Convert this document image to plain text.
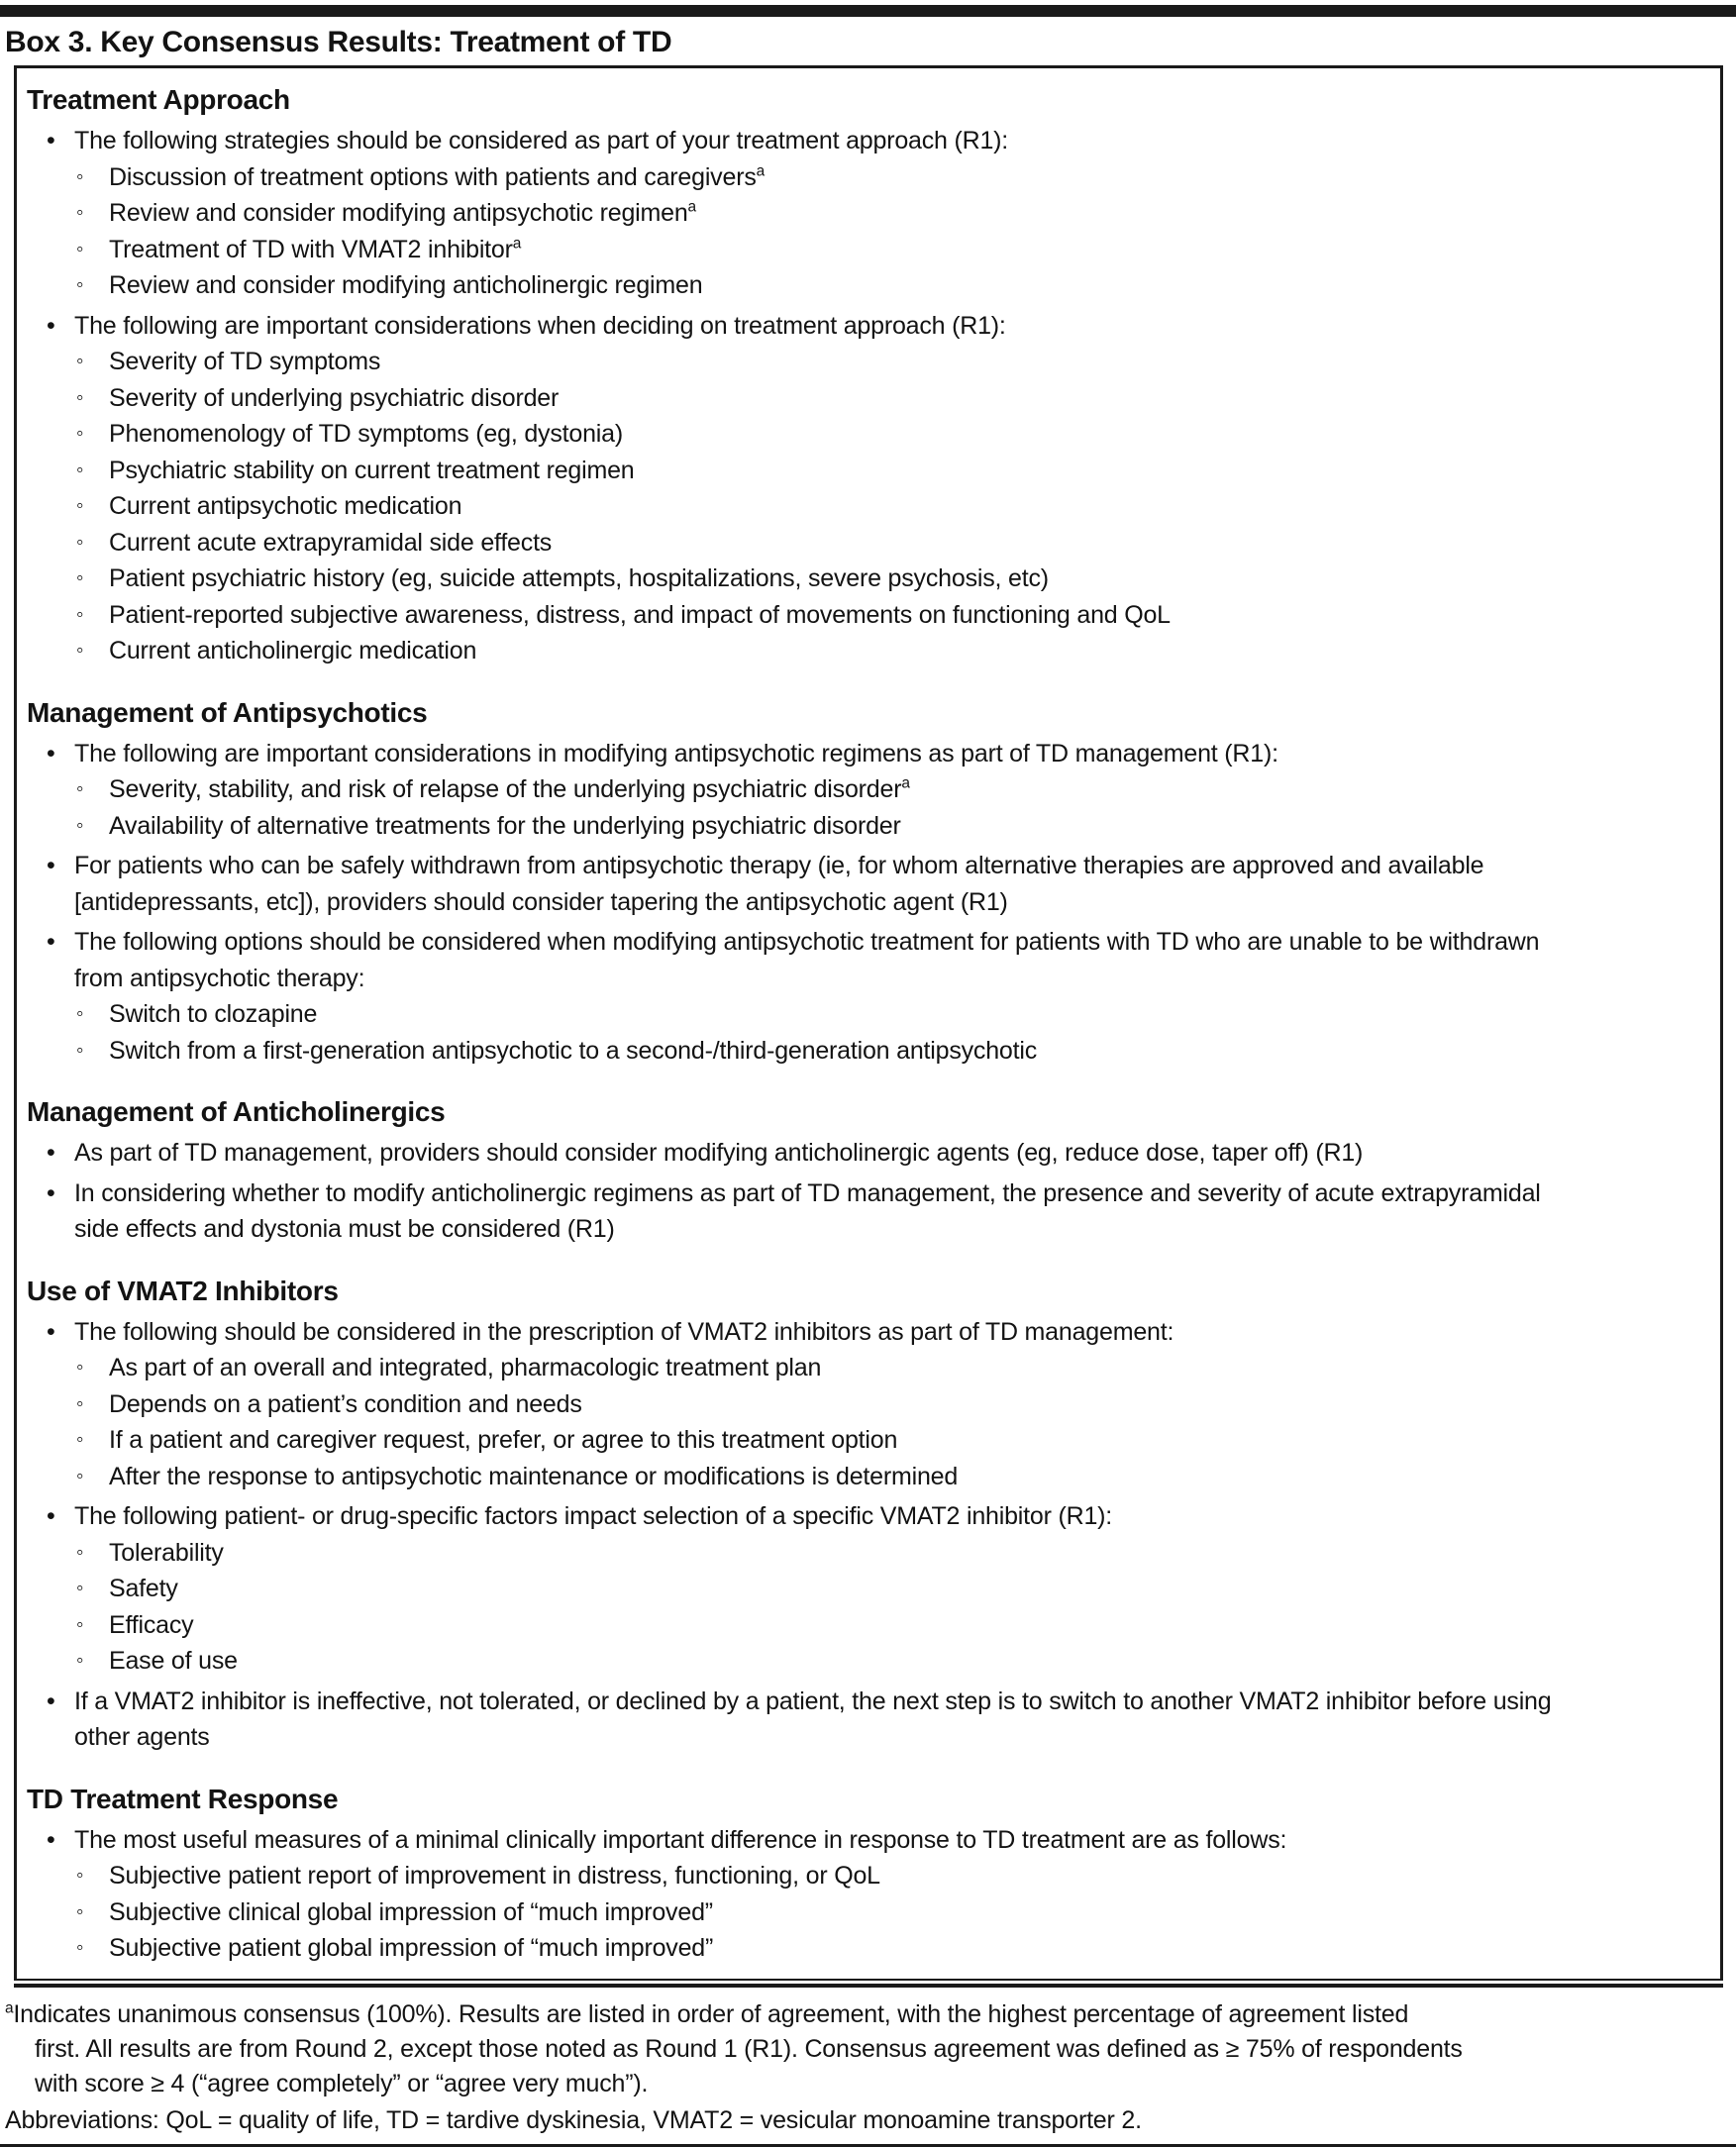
Box 3. Key Consensus Results: Treatment of TD
Treatment Approach
• The following strategies should be considered as part of your treatment approach (R1):
◦	Discussion of treatment options with patients and caregivers$^a$
◦	Review and consider modifying antipsychotic regimen$^a$
◦	Treatment of TD with VMAT2 inhibitor$^a$
◦	Review and consider modifying anticholinergic regimen
• The following are important considerations when deciding on treatment approach (R1):
◦	Severity of TD symptoms
◦	Severity of underlying psychiatric disorder
◦	Phenomenology of TD symptoms (eg, dystonia)
◦	Psychiatric stability on current treatment regimen
◦	Current antipsychotic medication
◦	Current acute extrapyramidal side effects
◦	Patient psychiatric history (eg, suicide attempts, hospitalizations, severe psychosis, etc)
◦	Patient-reported subjective awareness, distress, and impact of movements on functioning and QoL
◦	Current anticholinergic medication
Management of Antipsychotics
• The following are important considerations in modifying antipsychotic regimens as part of TD management (R1):
◦	Severity, stability, and risk of relapse of the underlying psychiatric disorder$^a$
◦	Availability of alternative treatments for the underlying psychiatric disorder
• For patients who can be safely withdrawn from antipsychotic therapy (ie, for whom alternative therapies are approved and available [antidepressants, etc]), providers should consider tapering the antipsychotic agent (R1)
• The following options should be considered when modifying antipsychotic treatment for patients with TD who are unable to be withdrawn from antipsychotic therapy:
◦	Switch to clozapine
◦	Switch from a first-generation antipsychotic to a second-/third-generation antipsychotic
Management of Anticholinergics
• As part of TD management, providers should consider modifying anticholinergic agents (eg, reduce dose, taper off) (R1)
• In considering whether to modify anticholinergic regimens as part of TD management, the presence and severity of acute extrapyramidal side effects and dystonia must be considered (R1)
Use of VMAT2 Inhibitors
• The following should be considered in the prescription of VMAT2 inhibitors as part of TD management:
◦	As part of an overall and integrated, pharmacologic treatment plan
◦	Depends on a patient’s condition and needs
◦	If a patient and caregiver request, prefer, or agree to this treatment option
◦	After the response to antipsychotic maintenance or modifications is determined
• The following patient- or drug-specific factors impact selection of a specific VMAT2 inhibitor (R1):
◦	Tolerability
◦	Safety
◦	Efficacy
◦	Ease of use
• If a VMAT2 inhibitor is ineffective, not tolerated, or declined by a patient, the next step is to switch to another VMAT2 inhibitor before using other agents
TD Treatment Response
• The most useful measures of a minimal clinically important difference in response to TD treatment are as follows:
◦	Subjective patient report of improvement in distress, functioning, or QoL
◦	Subjective clinical global impression of “much improved”
◦	Subjective patient global impression of “much improved”
$^a$Indicates unanimous consensus (100%). Results are listed in order of agreement, with the highest percentage of agreement listed
first. All results are from Round 2, except those noted as Round 1 (R1). Consensus agreement was defined as ≥ 75% of respondents
with score ≥ 4 (“agree completely” or “agree very much”).
Abbreviations: QoL = quality of life, TD = tardive dyskinesia, VMAT2 = vesicular monoamine transporter 2.
